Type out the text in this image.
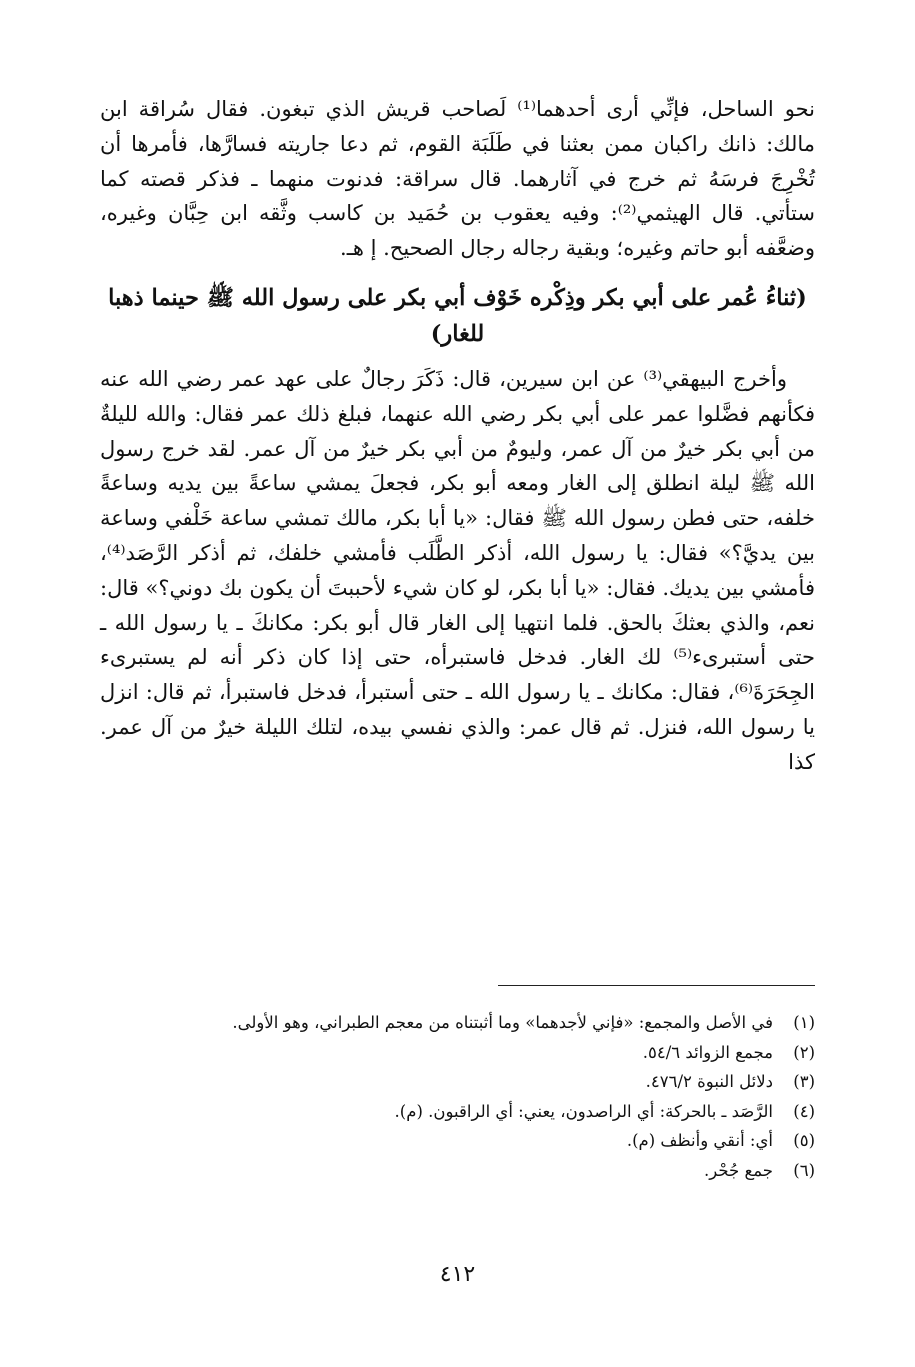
نحو الساحل، فإنِّي أرى أحدهما⁽¹⁾ لَصاحب قريش الذي تبغون. فقال سُراقة ابن مالك: ذانك راكبان ممن بعثنا في طَلَبَة القوم، ثم دعا جاريته فسارَّها، فأمرها أن تُخْرِجَ فرسَهُ ثم خرج في آثارهما. قال سراقة: فدنوت منهما ـ فذكر قصته كما ستأتي. قال الهيثمي⁽²⁾: وفيه يعقوب بن حُمَيد بن كاسب وثَّقه ابن حِبَّان وغيره، وضعَّفه أبو حاتم وغيره؛ وبقية رجاله رجال الصحيح. إ هـ.

(ثناءُ عُمر على أبي بكر وذِكْره خَوْف أبي بكر على رسول الله ﷺ حينما ذهبا للغار)

وأخرج البيهقي⁽³⁾ عن ابن سيرين، قال: ذَكَرَ رجالٌ على عهد عمر رضي الله عنه فكأنهم فضَّلوا عمر على أبي بكر رضي الله عنهما، فبلغ ذلك عمر فقال: والله لليلةٌ من أبي بكر خيرٌ من آل عمر، وليومٌ من أبي بكر خيرٌ من آل عمر. لقد خرج رسول الله ﷺ ليلة انطلق إلى الغار ومعه أبو بكر، فجعلَ يمشي ساعةً بين يديه وساعةً خلفه، حتى فطن رسول الله ﷺ فقال: «يا أبا بكر، مالك تمشي ساعة خَلْفي وساعة بين يديَّ؟» فقال: يا رسول الله، أذكر الطَّلَب فأمشي خلفك، ثم أذكر الرَّصَد⁽⁴⁾، فأمشي بين يديك. فقال: «يا أبا بكر، لو كان شيء لأحببتَ أن يكون بك دوني؟» قال: نعم، والذي بعثكَ بالحق. فلما انتهيا إلى الغار قال أبو بكر: مكانكَ ـ يا رسول الله ـ حتى أستبرىء⁽⁵⁾ لك الغار. فدخل فاستبرأه، حتى إذا كان ذكر أنه لم يستبرىء الجِحَرَةَ⁽⁶⁾، فقال: مكانك ـ يا رسول الله ـ حتى أستبرأ، فدخل فاستبرأ، ثم قال: انزل يا رسول الله، فنزل. ثم قال عمر: والذي نفسي بيده، لتلك الليلة خيرٌ من آل عمر. كذا

(١)
في الأصل والمجمع: «فإني لأجدهما» وما أثبتناه من معجم الطبراني، وهو الأولى.
(٢)
مجمع الزوائد ٥٤/٦.
(٣)
دلائل النبوة ٤٧٦/٢.
(٤)
الرَّصَد ـ بالحركة: أي الراصدون، يعني: أي الراقبون. (م).
(٥)
أي: أنقي وأنظف (م).
(٦)
جمع جُحْر.
٤١٢
